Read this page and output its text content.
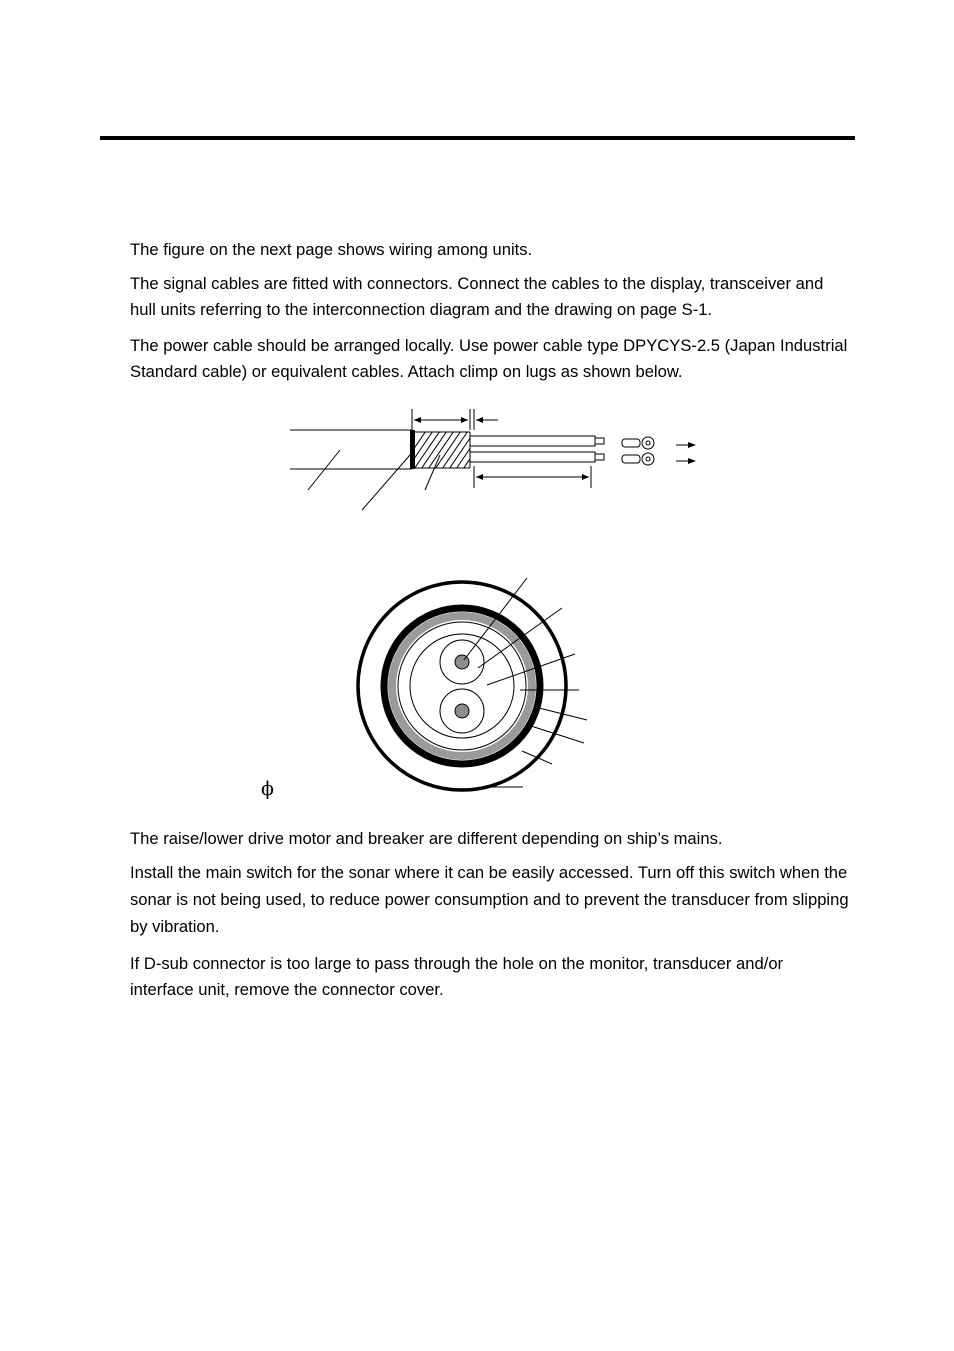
The figure on the next page shows wiring among units.

The signal cables are fitted with connectors. Connect the cables to the display, transceiver and hull units referring to the interconnection diagram and the drawing on page S-1.

The power cable should be arranged locally. Use power cable type DPYCYS-2.5 (Japan Industrial Standard cable) or equivalent cables. Attach climp on lugs as shown below.

ϕ

The raise/lower drive motor and breaker are different depending on ship’s mains.

Install the main switch for the sonar where it can be easily accessed. Turn off this switch when the sonar is not being used, to reduce power consumption and to prevent the transducer from slipping by vibration.

If D-sub connector is too large to pass through the hole on the monitor, transducer and/or interface unit, remove the connector cover.
